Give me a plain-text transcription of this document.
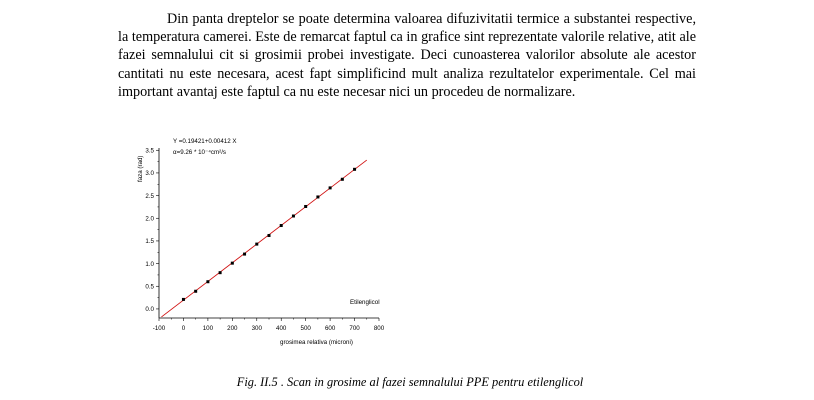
Din panta dreptelor se poate determina valoarea difuzivitatii termice a substantei respective, la temperatura camerei. Este de remarcat faptul ca in grafice sint reprezentate valorile relative, atit ale fazei semnalului cit si grosimii probei investigate. Deci cunoasterea valorilor absolute ale acestor cantitati nu este necesara, acest fapt simplificind mult analiza rezultatelor experimentale. Cel mai important avantaj este faptul ca nu este necesar nici un procedeu de normalizare.

-100	0	100 200 300 400 500 600 700 800
0.0
0.5
1.0
1.5
2.0
2.5
3.0
3.5
Y =0.19421+0.00412 X
α=9.26 * 10⁻⁴cm²/s
Etilenglicol
grosimea relativa (microni)
faza (rad)

Fig. II.5 . Scan in grosime al fazei semnalului PPE pentru etilenglicol
